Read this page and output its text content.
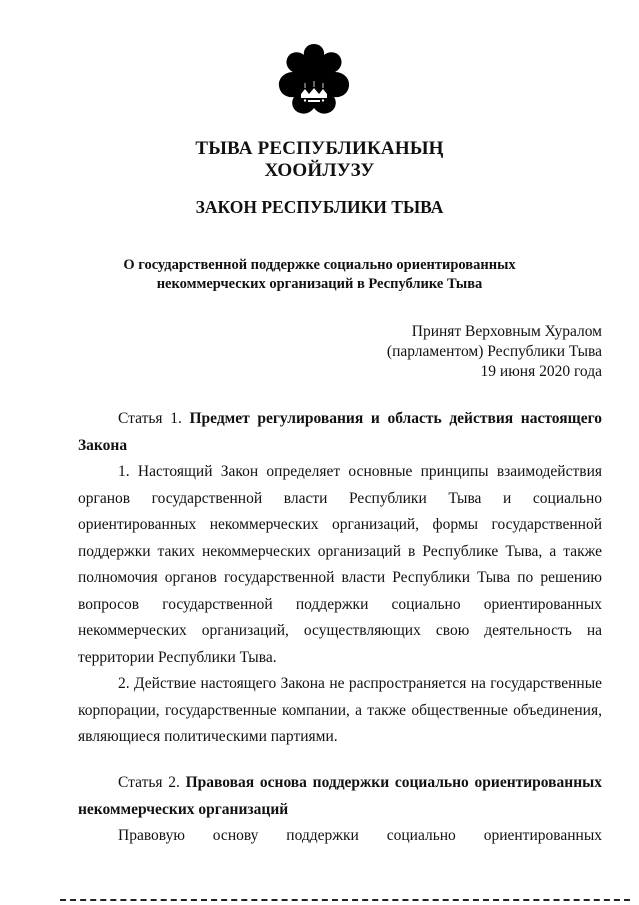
ТЫВА РЕСПУБЛИКАНЫҢ
ХООЙЛУЗУ
ЗАКОН РЕСПУБЛИКИ ТЫВА
О государственной поддержке социально ориентированных
некоммерческих организаций в Республике Тыва
Принят Верховным Хуралом
(парламентом) Республики Тыва
19 июня 2020 года
Статья 1. Предмет регулирования и область действия настоящего
Закона
1. Настоящий Закон определяет основные принципы взаимодействия
органов государственной власти Республики Тыва и социально
ориентированных некоммерческих организаций, формы государственной
поддержки таких некоммерческих организаций в Республике Тыва, а также
полномочия органов государственной власти Республики Тыва по решению
вопросов государственной поддержки социально ориентированных
некоммерческих организаций, осуществляющих свою деятельность на
территории Республики Тыва.
2. Действие настоящего Закона не распространяется на государственные
корпорации, государственные компании, а также общественные объединения,
являющиеся политическими партиями.
Статья 2. Правовая основа поддержки социально ориентированных
некоммерческих организаций
Правовую основу поддержки социально ориентированных
